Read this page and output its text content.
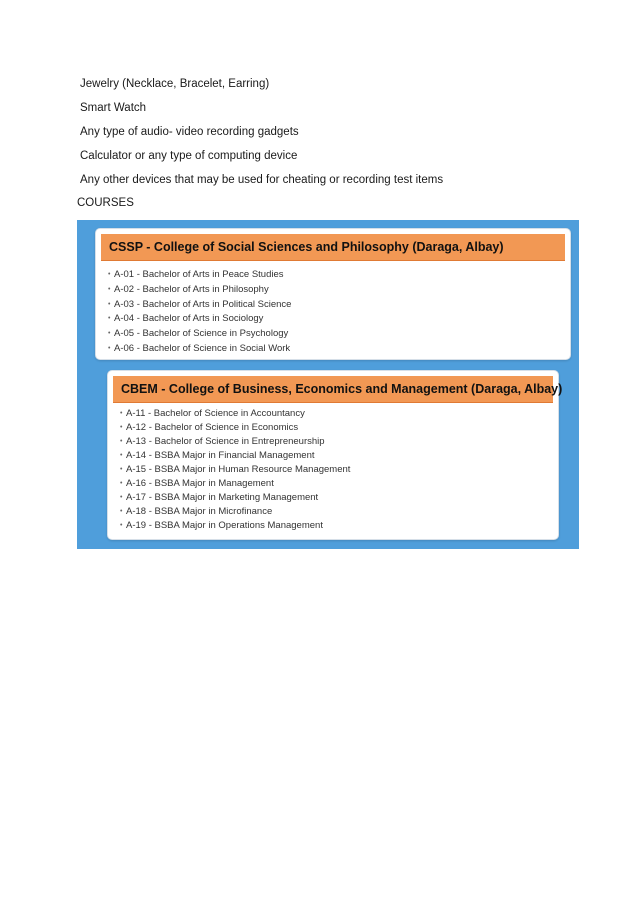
Jewelry (Necklace, Bracelet, Earring)
Smart Watch
Any type of audio- video recording gadgets
Calculator or any type of computing device
Any other devices that may be used for cheating or recording test items
COURSES
CSSP - College of Social Sciences and Philosophy (Daraga, Albay)
• A-01 - Bachelor of Arts in Peace Studies
• A-02 - Bachelor of Arts in Philosophy
• A-03 - Bachelor of Arts in Political Science
• A-04 - Bachelor of Arts in Sociology
• A-05 - Bachelor of Science in Psychology
• A-06 - Bachelor of Science in Social Work
CBEM - College of Business, Economics and Management (Daraga, Albay)
• A-11 - Bachelor of Science in Accountancy
• A-12 - Bachelor of Science in Economics
• A-13 - Bachelor of Science in Entrepreneurship
• A-14 - BSBA Major in Financial Management
• A-15 - BSBA Major in Human Resource Management
• A-16 - BSBA Major in Management
• A-17 - BSBA Major in Marketing Management
• A-18 - BSBA Major in Microfinance
• A-19 - BSBA Major in Operations Management
